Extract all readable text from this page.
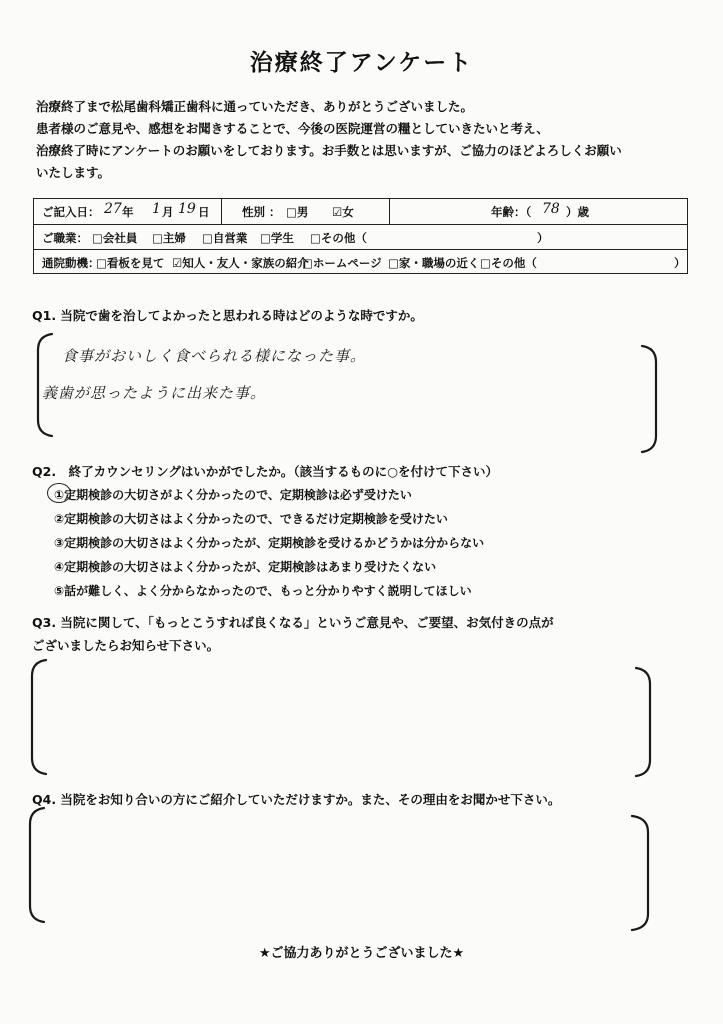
治療終了アンケート
治療終了まで松尾歯科矯正歯科に通っていただき、ありがとうございました。
患者様のご意見や、感想をお聞きすることで、今後の医院運営の糧としていきたいと考え、
治療終了時にアンケートのお願いをしております。お手数とは思いますが、ご協力のほどよろしくお願い
いたします。
ご記入日： 27 年 1 月 19 日	性別 ： □男 ☑女	年齢：（ 78 ）歳
ご職業： □会社員 □主婦 □自営業 □学生 □その他（	）
通院動機：
□看板を見て ☑知人・友人・家族の紹介
□ホームページ □家・職場の近く □その他（	）
Q1. 当院で歯を治してよかったと思われる時はどのような時ですか。
食事がおいしく食べられる様になった事。
義歯が思ったように出来た事。
Q2.　終了カウンセリングはいかがでしたか。（該当するものに○を付けて下さい）
①定期検診の大切さがよく分かったので、定期検診は必ず受けたい
②定期検診の大切さはよく分かったので、できるだけ定期検診を受けたい
③定期検診の大切さはよく分かったが、定期検診を受けるかどうかは分からない
④定期検診の大切さはよく分かったが、定期検診はあまり受けたくない
⑤話が難しく、よく分からなかったので、もっと分かりやすく説明してほしい
Q3. 当院に関して、「もっとこうすれば良くなる」というご意見や、ご要望、お気付きの点が
ございましたらお知らせ下さい。
Q4. 当院をお知り合いの方にご紹介していただけますか。また、その理由をお聞かせ下さい。
★ご協力ありがとうございました★
